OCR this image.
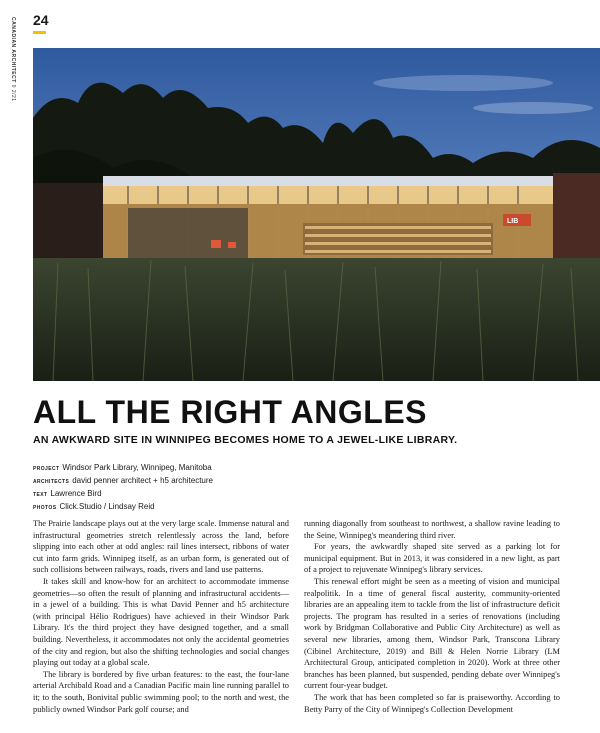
24
CANADIAN ARCHITECT 0 2/21
LIB
ALL THE RIGHT ANGLES
AN AWKWARD SITE IN WINNIPEG BECOMES HOME TO A JEWEL-LIKE LIBRARY.
PROJECT Windsor Park Library, Winnipeg, Manitoba
ARCHITECTS david penner architect + h5 architecture
TEXT Lawrence Bird
PHOTOS Click.Studio / Lindsay Reid

The Prairie landscape plays out at the very large scale. Immense natural and infrastructural geometries stretch relentlessly across the land, before slipping into each other at odd angles: rail lines intersect, ribbons of water cut into farm grids. Winnipeg itself, as an urban form, is generated out of such collisions between railways, roads, rivers and land use patterns.

It takes skill and know-how for an architect to accommodate immense geometries—so often the result of planning and infrastructural accidents—in a jewel of a building. This is what David Penner and h5 architecture (with principal Hélio Rodrigues) have achieved in their Windsor Park Library. It's the third project they have designed together, and a small building. Nevertheless, it accommodates not only the accidental geometries of the city and region, but also the shifting technologies and social changes playing out today at a global scale.

The library is bordered by five urban features: to the east, the four-lane arterial Archibald Road and a Canadian Pacific main line running parallel to it; to the south, Bonivital public swimming pool; to the north and west, the publicly owned Windsor Park golf course; and

running diagonally from southeast to northwest, a shallow ravine leading to the Seine, Winnipeg's meandering third river.

For years, the awkwardly shaped site served as a parking lot for municipal equipment. But in 2013, it was considered in a new light, as part of a project to rejuvenate Winnipeg's library services.

This renewal effort might be seen as a meeting of vision and municipal realpolitik. In a time of general fiscal austerity, community-oriented libraries are an appealing item to tackle from the list of infrastructure deficit projects. The program has resulted in a series of renovations (including work by Bridgman Collaborative and Public City Architecture) as well as several new libraries, among them, Windsor Park, Transcona Library (Cibinel Architecture, 2019) and Bill & Helen Norrie Library (LM Architectural Group, anticipated completion in 2020). Work at three other branches has been planned, but suspended, pending debate over Winnipeg's current four-year budget.

The work that has been completed so far is praiseworthy. According to Betty Parry of the City of Winnipeg's Collection Development
